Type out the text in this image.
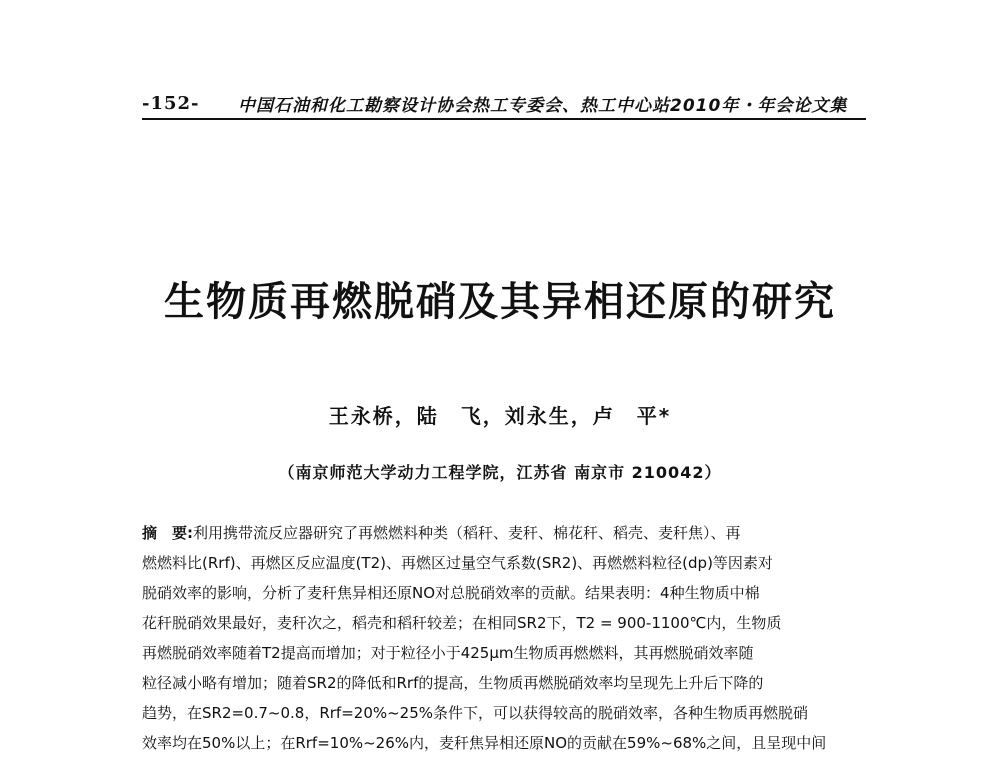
-152-	中国石油和化工勘察设计协会热工专委会、热工中心站2010年・年会论文集
生物质再燃脱硝及其异相还原的研究
王永桥，陆　飞，刘永生，卢　平*
（南京师范大学动力工程学院，江苏省 南京市 210042）
摘　要:利用携带流反应器研究了再燃燃料种类（稻秆、麦秆、棉花秆、稻壳、麦秆焦）、再
燃燃料比(Rrf)、再燃区反应温度(T2)、再燃区过量空气系数(SR2)、再燃燃料粒径(dp)等因素对
脱硝效率的影响，分析了麦秆焦异相还原NO对总脱硝效率的贡献。结果表明：4种生物质中棉
花秆脱硝效果最好，麦秆次之，稻壳和稻秆较差；在相同SR2下，T2 = 900-1100℃内，生物质
再燃脱硝效率随着T2提高而增加；对于粒径小于425μm生物质再燃燃料，其再燃脱硝效率随
粒径减小略有增加；随着SR2的降低和Rrf的提高，生物质再燃脱硝效率均呈现先上升后下降的
趋势，在SR2=0.7~0.8，Rrf=20%~25%条件下，可以获得较高的脱硝效率，各种生物质再燃脱硝
效率均在50%以上；在Rrf=10%~26%内，麦秆焦异相还原NO的贡献在59%~68%之间，且呈现中间
